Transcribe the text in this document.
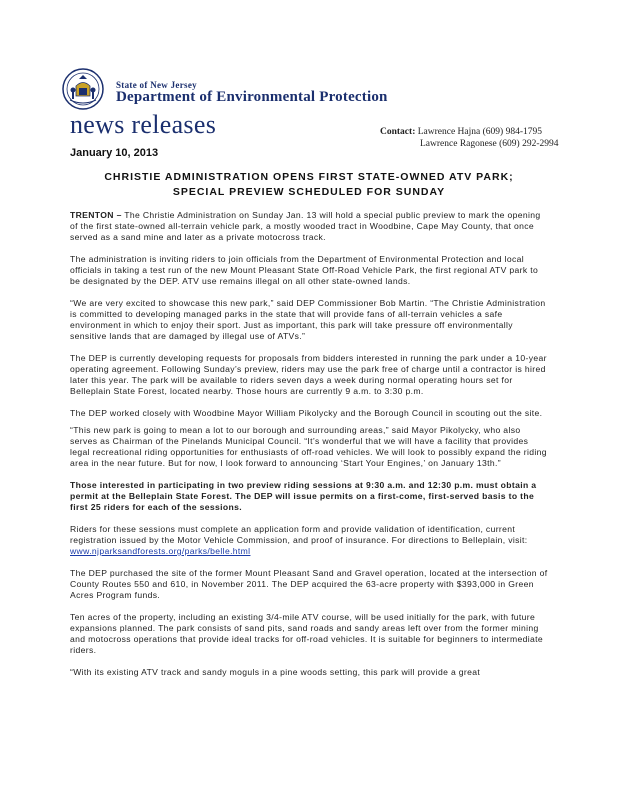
State of New Jersey
Department of Environmental Protection
news releases	Contact: Lawrence Hajna (609) 984-1795
Lawrence Ragonese (609) 292-2994
January 10, 2013
CHRISTIE ADMINISTRATION OPENS FIRST STATE-OWNED ATV PARK;
SPECIAL PREVIEW SCHEDULED FOR SUNDAY

TRENTON – The Christie Administration on Sunday Jan. 13 will hold a special public preview to mark the opening of the first state-owned all-terrain vehicle park, a mostly wooded tract in Woodbine, Cape May County, that once served as a sand mine and later as a private motocross track.

The administration is inviting riders to join officials from the Department of Environmental Protection and local officials in taking a test run of the new Mount Pleasant State Off-Road Vehicle Park, the first regional ATV park to be designated by the DEP. ATV use remains illegal on all other state-owned lands.

“We are very excited to showcase this new park,” said DEP Commissioner Bob Martin. “The Christie Administration is committed to developing managed parks in the state that will provide fans of all-terrain vehicles a safe environment in which to enjoy their sport. Just as important, this park will take pressure off environmentally sensitive lands that are damaged by illegal use of ATVs.”

The DEP is currently developing requests for proposals from bidders interested in running the park under a 10-year operating agreement. Following Sunday’s preview, riders may use the park free of charge until a contractor is hired later this year. The park will be available to riders seven days a week during normal operating hours set for Belleplain State Forest, located nearby. Those hours are currently 9 a.m. to 3:30 p.m.

The DEP worked closely with Woodbine Mayor William Pikolycky and the Borough Council in scouting out the site.

“This new park is going to mean a lot to our borough and surrounding areas,” said Mayor Pikolycky, who also serves as Chairman of the Pinelands Municipal Council. “It’s wonderful that we will have a facility that provides legal recreational riding opportunities for enthusiasts of off-road vehicles. We will look to possibly expand the riding area in the near future. But for now, I look forward to announcing ‘Start Your Engines,’ on January 13th.”

Those interested in participating in two preview riding sessions at 9:30 a.m. and 12:30 p.m. must obtain a permit at the Belleplain State Forest. The DEP will issue permits on a first-come, first-served basis to the first 25 riders for each of the sessions.

Riders for these sessions must complete an application form and provide validation of identification, current registration issued by the Motor Vehicle Commission, and proof of insurance. For directions to Belleplain, visit: www.njparksandforests.org/parks/belle.html

The DEP purchased the site of the former Mount Pleasant Sand and Gravel operation, located at the intersection of County Routes 550 and 610, in November 2011. The DEP acquired the 63-acre property with $393,000 in Green Acres Program funds.

Ten acres of the property, including an existing 3/4-mile ATV course, will be used initially for the park, with future expansions planned. The park consists of sand pits, sand roads and sandy areas left over from the former mining and motocross operations that provide ideal tracks for off-road vehicles. It is suitable for beginners to intermediate riders.

“With its existing ATV track and sandy moguls in a pine woods setting, this park will provide a great
